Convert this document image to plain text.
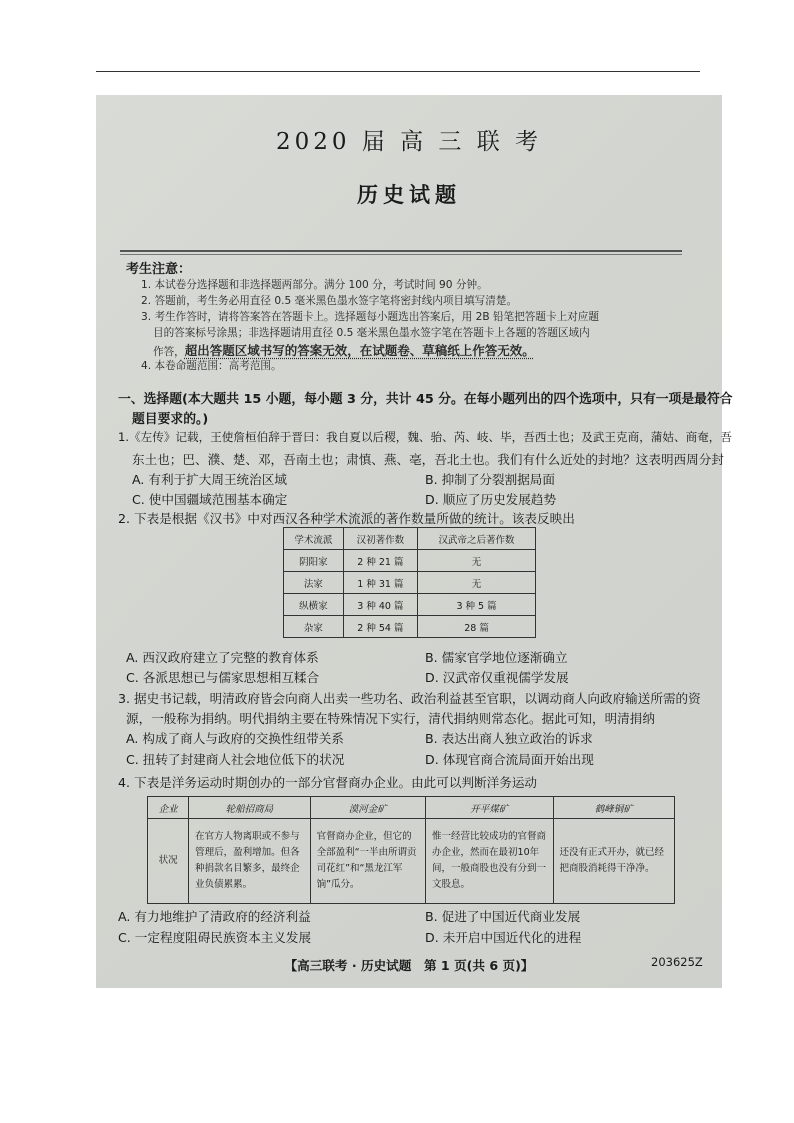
2020 届 高 三 联 考
历史试题
考生注意：
1. 本试卷分选择题和非选择题两部分。满分 100 分，考试时间 90 分钟。
2. 答题前，考生务必用直径 0.5 毫米黑色墨水签字笔将密封线内项目填写清楚。
3. 考生作答时，请将答案答在答题卡上。选择题每小题选出答案后，用 2B 铅笔把答题卡上对应题
目的答案标号涂黑；非选择题请用直径 0.5 毫米黑色墨水签字笔在答题卡上各题的答题区域内
作答，超出答题区域书写的答案无效，在试题卷、草稿纸上作答无效。
4. 本卷命题范围：高考范围。
一、选择题(本大题共 15 小题，每小题 3 分，共计 45 分。在每小题列出的四个选项中，只有一项是最符合
题目要求的。)
1.《左传》记载，王使詹桓伯辞于晋曰：我自夏以后稷，魏、骀、芮、岐、毕，吾西土也；及武王克商，蒲姑、商奄，吾
东土也；巴、濮、楚、邓，吾南土也；肃慎、燕、亳，吾北土也。我们有什么近处的封地？这表明西周分封
A. 有利于扩大周王统治区域	B. 抑制了分裂割据局面
C. 使中国疆域范围基本确定	D. 顺应了历史发展趋势
2. 下表是根据《汉书》中对西汉各种学术流派的著作数量所做的统计。该表反映出
学术流派	汉初著作数	汉武帝之后著作数
阴阳家	2 种 21 篇	无
法家	1 种 31 篇	无
纵横家	3 种 40 篇	3 种 5 篇
杂家	2 种 54 篇	28 篇
A. 西汉政府建立了完整的教育体系	B. 儒家官学地位逐渐确立
C. 各派思想已与儒家思想相互糅合	D. 汉武帝仅重视儒学发展
3. 据史书记载，明清政府皆会向商人出卖一些功名、政治利益甚至官职，以调动商人向政府输送所需的资
源，一般称为捐纳。明代捐纳主要在特殊情况下实行，清代捐纳则常态化。据此可知，明清捐纳
A. 构成了商人与政府的交换性纽带关系	B. 表达出商人独立政治的诉求
C. 扭转了封建商人社会地位低下的状况	D. 体现官商合流局面开始出现
4. 下表是洋务运动时期创办的一部分官督商办企业。由此可以判断洋务运动
企业	轮船招商局	漠河金矿	开平煤矿	鹤峰铜矿
状况	在官方人物离职或不参与管理后，盈利增加。但各种捐款名目繁多，最终企业负债累累。	官督商办企业，但它的全部盈利“一半由所谓贡司花红”和“黑龙江军饷”瓜分。	惟一经营比较成功的官督商办企业，然而在最初10年间，一般商股也没有分到一文股息。	还没有正式开办，就已经把商股消耗得干净净。
A. 有力地维护了清政府的经济利益	B. 促进了中国近代商业发展
C. 一定程度阻碍民族资本主义发展	D. 未开启中国近代化的进程
【高三联考 · 历史试题　第 1 页(共 6 页)】	203625Z
